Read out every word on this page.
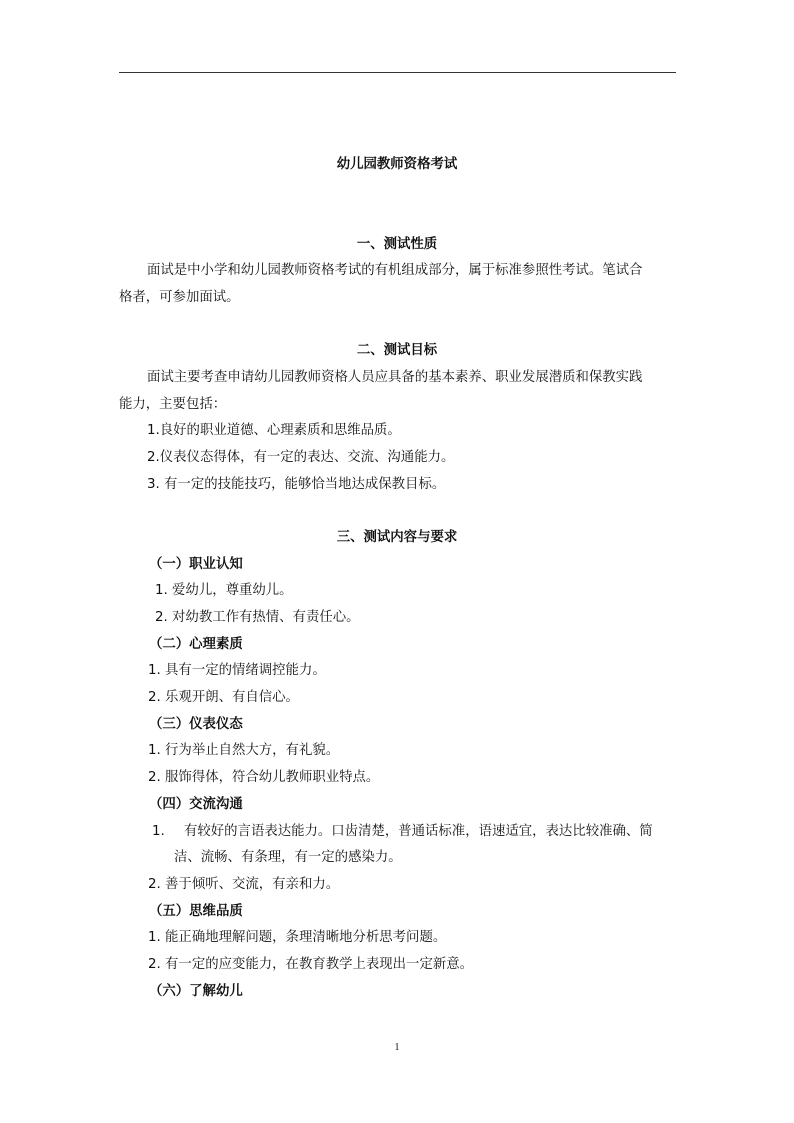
幼儿园教师资格考试
一、测试性质
面试是中小学和幼儿园教师资格考试的有机组成部分，属于标准参照性考试。笔试合
格者，可参加面试。
二、测试目标
面试主要考查申请幼儿园教师资格人员应具备的基本素养、职业发展潜质和保教实践
能力，主要包括：
1.良好的职业道德、心理素质和思维品质。
2.仪表仪态得体，有一定的表达、交流、沟通能力。
3. 有一定的技能技巧，能够恰当地达成保教目标。
三、测试内容与要求
（一）职业认知
1. 爱幼儿，尊重幼儿。
2. 对幼教工作有热情、有责任心。
（二）心理素质
1. 具有一定的情绪调控能力。
2. 乐观开朗、有自信心。
（三）仪表仪态
1. 行为举止自然大方，有礼貌。
2. 服饰得体，符合幼儿教师职业特点。
（四）交流沟通
1. 有较好的言语表达能力。口齿清楚，普通话标准，语速适宜，表达比较准确、简
洁、流畅、有条理，有一定的感染力。
2. 善于倾听、交流，有亲和力。
（五）思维品质
1. 能正确地理解问题，条理清晰地分析思考问题。
2. 有一定的应变能力，在教育教学上表现出一定新意。
（六）了解幼儿
1
